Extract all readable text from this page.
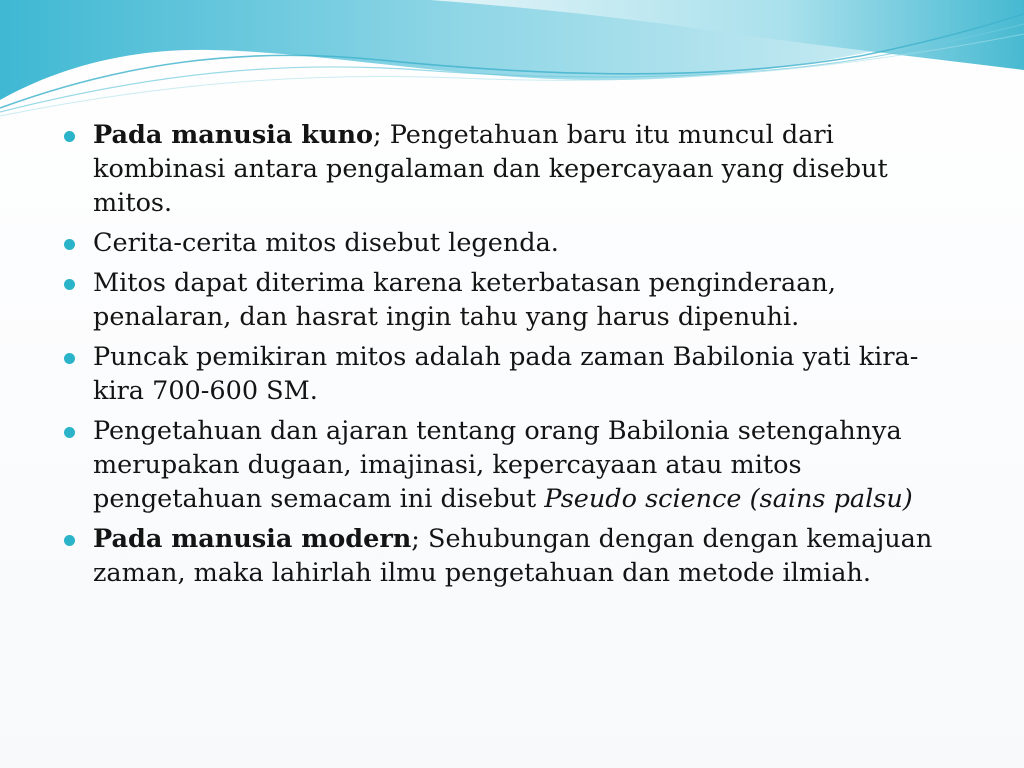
Pada manusia kuno; Pengetahuan baru itu muncul dari kombinasi antara pengalaman dan kepercayaan yang disebut mitos.
Cerita-cerita mitos disebut legenda.
Mitos dapat diterima karena keterbatasan penginderaan, penalaran, dan hasrat ingin tahu yang harus dipenuhi.
Puncak pemikiran mitos adalah pada zaman Babilonia yati kira-kira 700-600 SM.
Pengetahuan dan ajaran tentang orang Babilonia setengahnya merupakan dugaan, imajinasi, kepercayaan atau mitos pengetahuan semacam ini disebut Pseudo science (sains palsu)
Pada manusia modern; Sehubungan dengan dengan kemajuan zaman, maka lahirlah ilmu pengetahuan dan metode ilmiah.
